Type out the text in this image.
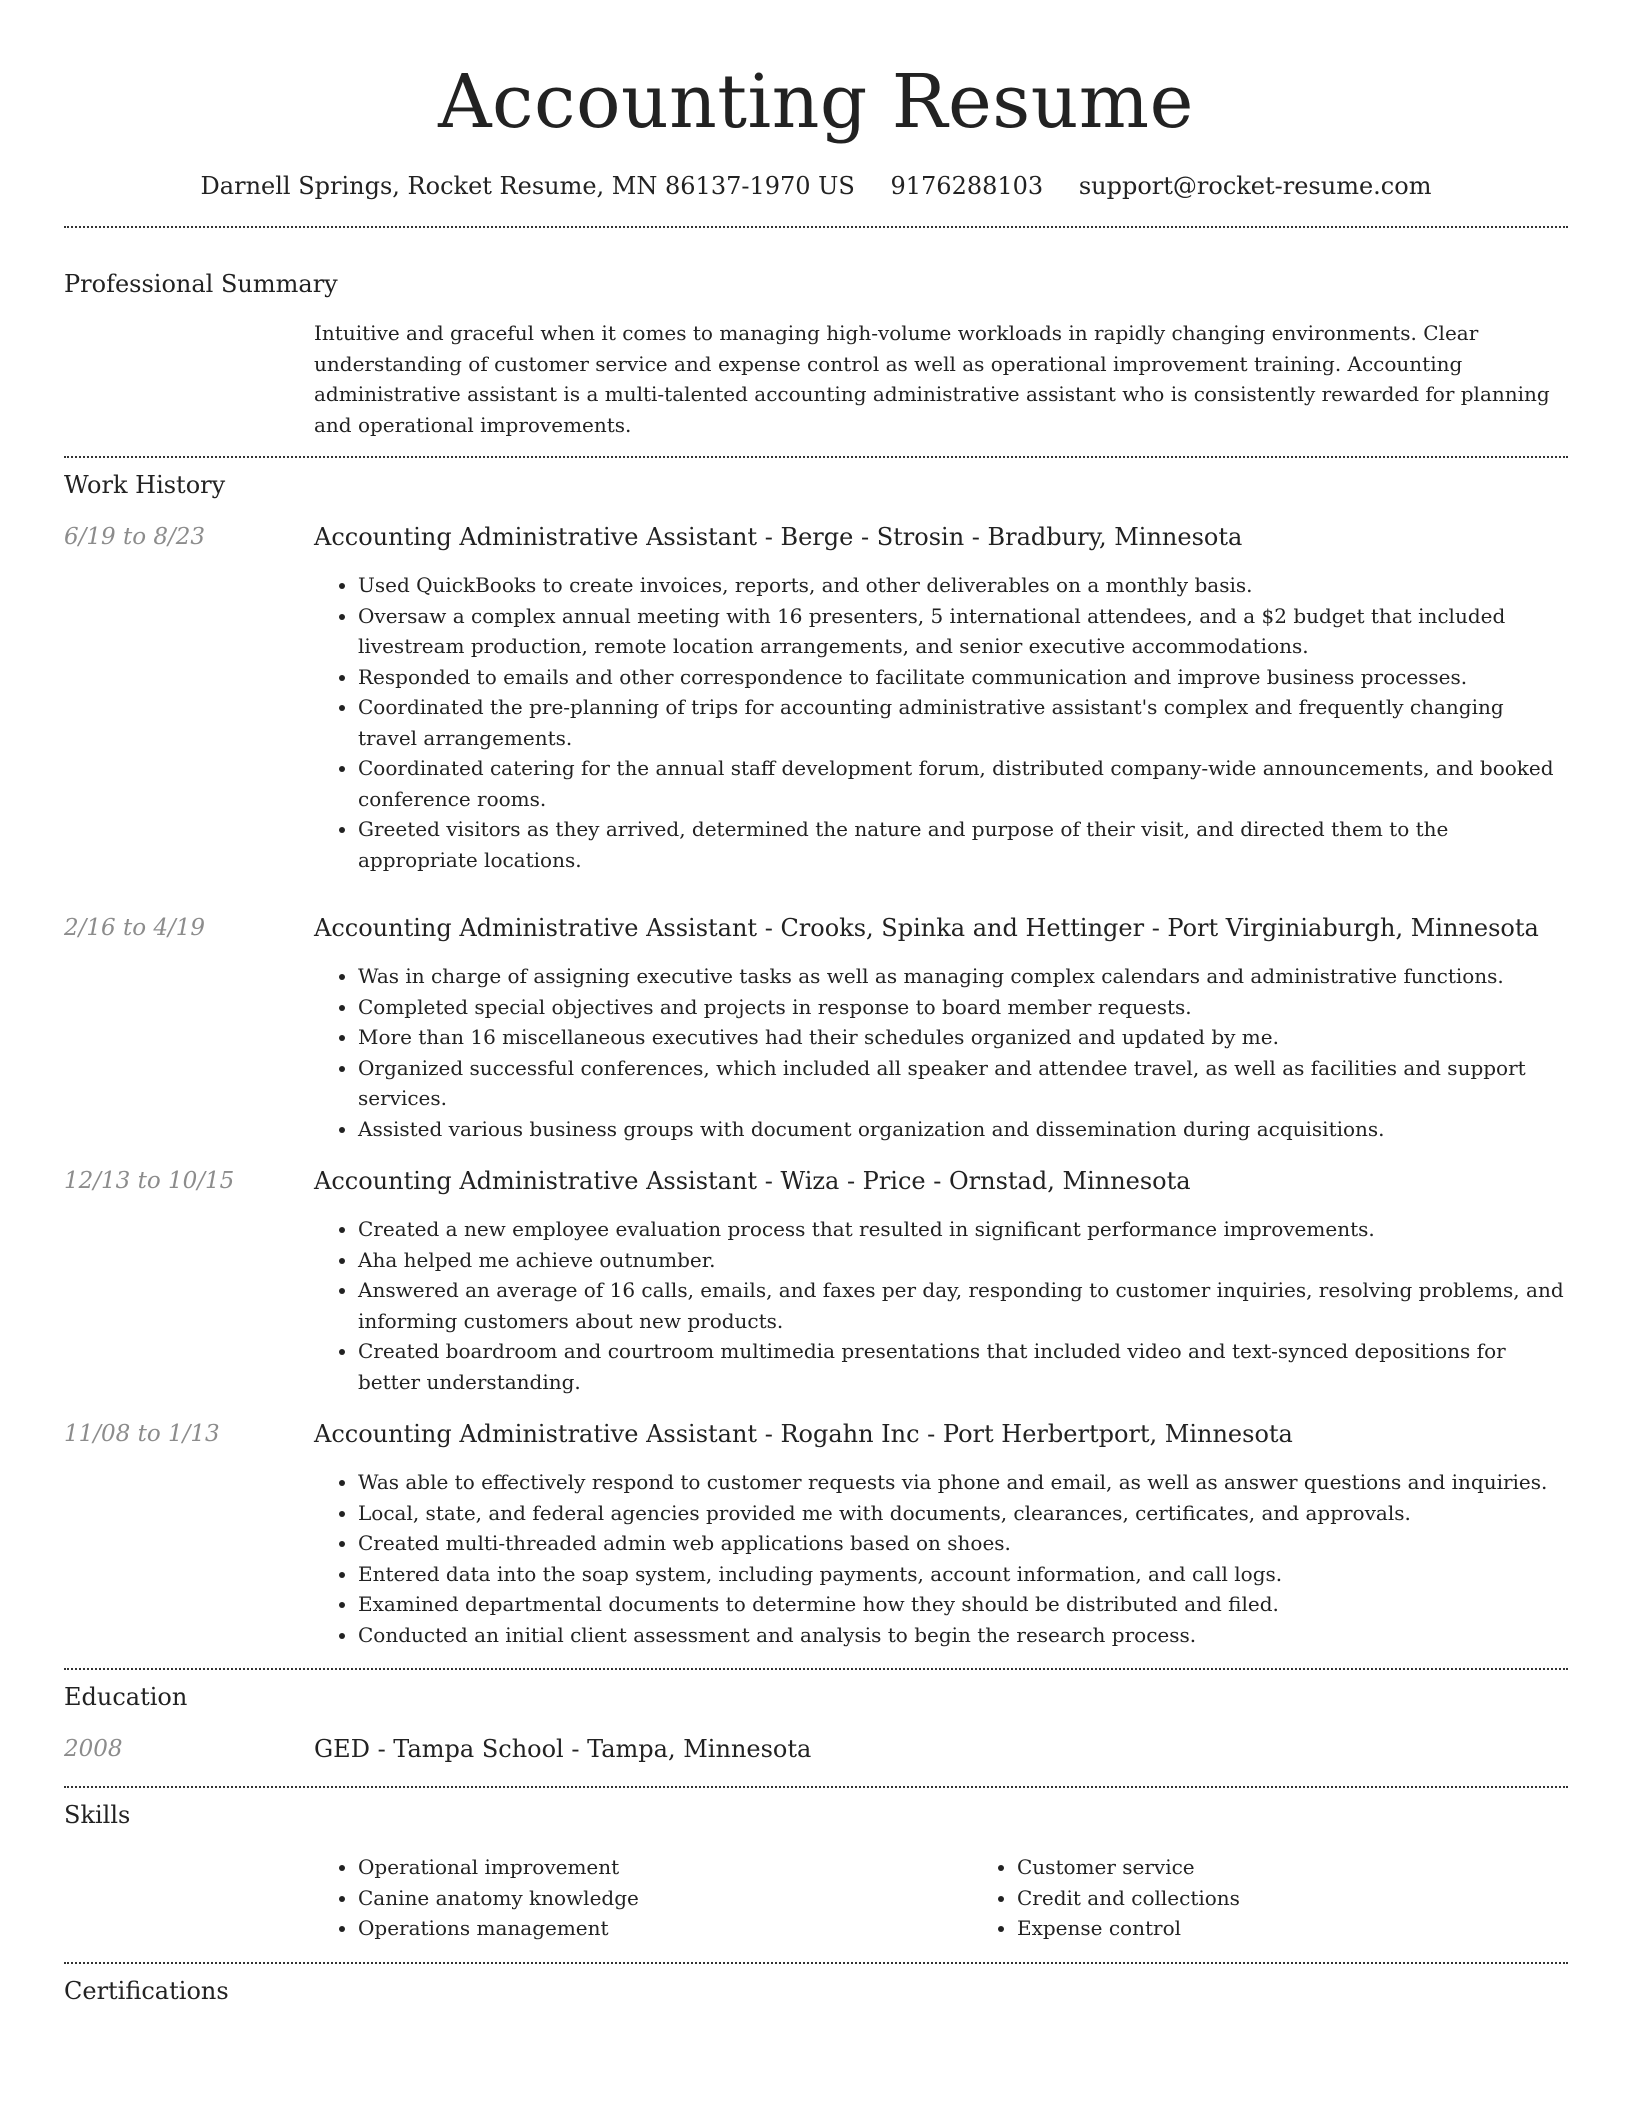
Accounting Resume
Darnell Springs, Rocket Resume, MN 86137-1970 US 9176288103 support@rocket-resume.com
Professional Summary
Intuitive and graceful when it comes to managing high-volume workloads in rapidly changing environments. Clear understanding of customer service and expense control as well as operational improvement training. Accounting administrative assistant is a multi-talented accounting administrative assistant who is consistently rewarded for planning and operational improvements.
Work History
6/19 to 8/23	Accounting Administrative Assistant - Berge - Strosin - Bradbury, Minnesota
• Used QuickBooks to create invoices, reports, and other deliverables on a monthly basis.
• Oversaw a complex annual meeting with 16 presenters, 5 international attendees, and a $2 budget that included livestream production, remote location arrangements, and senior executive accommodations.
• Responded to emails and other correspondence to facilitate communication and improve business processes.
• Coordinated the pre-planning of trips for accounting administrative assistant's complex and frequently changing travel arrangements.
• Coordinated catering for the annual staff development forum, distributed company-wide announcements, and booked conference rooms.
• Greeted visitors as they arrived, determined the nature and purpose of their visit, and directed them to the appropriate locations.
2/16 to 4/19	Accounting Administrative Assistant - Crooks, Spinka and Hettinger - Port Virginiaburgh, Minnesota
• Was in charge of assigning executive tasks as well as managing complex calendars and administrative functions.
• Completed special objectives and projects in response to board member requests.
• More than 16 miscellaneous executives had their schedules organized and updated by me.
• Organized successful conferences, which included all speaker and attendee travel, as well as facilities and support services.
• Assisted various business groups with document organization and dissemination during acquisitions.
12/13 to 10/15	Accounting Administrative Assistant - Wiza - Price - Ornstad, Minnesota
• Created a new employee evaluation process that resulted in significant performance improvements.
• Aha helped me achieve outnumber.
• Answered an average of 16 calls, emails, and faxes per day, responding to customer inquiries, resolving problems, and informing customers about new products.
• Created boardroom and courtroom multimedia presentations that included video and text-synced depositions for better understanding.
11/08 to 1/13	Accounting Administrative Assistant - Rogahn Inc - Port Herbertport, Minnesota
• Was able to effectively respond to customer requests via phone and email, as well as answer questions and inquiries.
• Local, state, and federal agencies provided me with documents, clearances, certificates, and approvals.
• Created multi-threaded admin web applications based on shoes.
• Entered data into the soap system, including payments, account information, and call logs.
• Examined departmental documents to determine how they should be distributed and filed.
• Conducted an initial client assessment and analysis to begin the research process.
Education
2008	GED - Tampa School - Tampa, Minnesota
Skills
• Operational improvement
• Canine anatomy knowledge
• Operations management
• Customer service
• Credit and collections
• Expense control
Certifications
